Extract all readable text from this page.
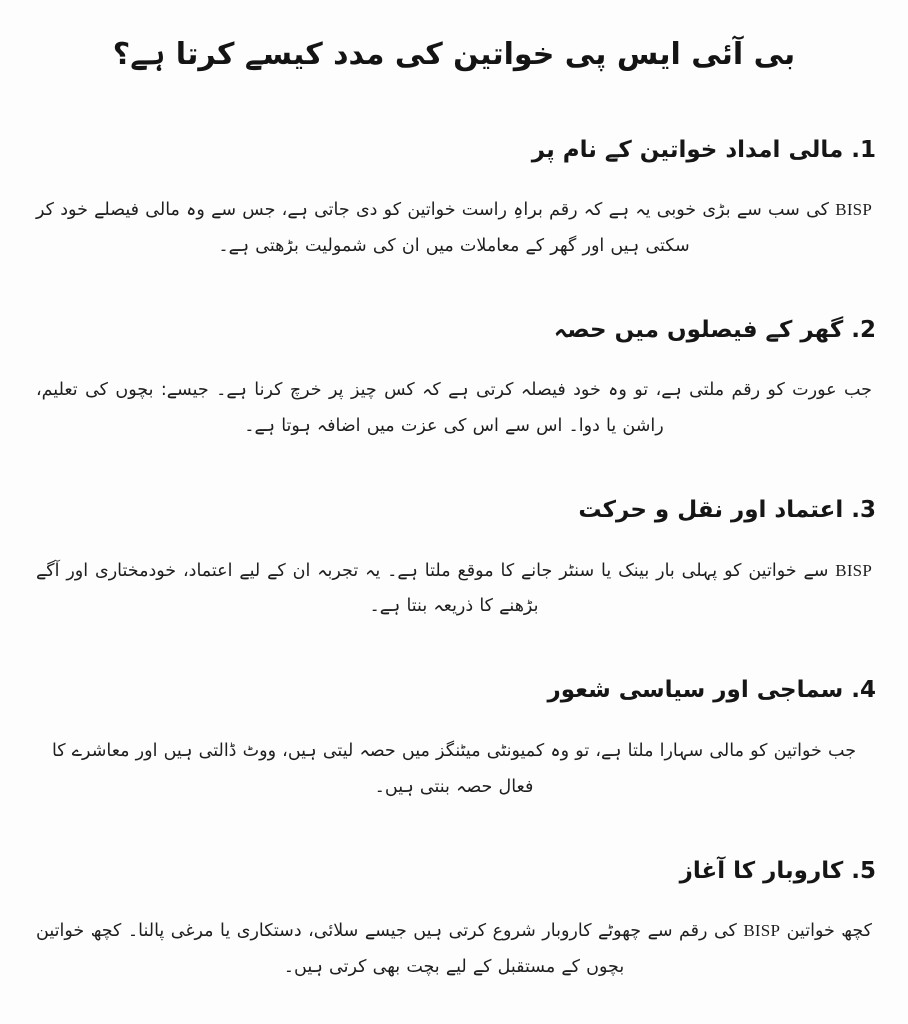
بی آئی ایس پی خواتین کی مدد کیسے کرتا ہے؟
1. مالی امداد خواتین کے نام پر

BISP کی سب سے بڑی خوبی یہ ہے کہ رقم براہِ راست خواتین کو دی جاتی ہے، جس سے وہ مالی فیصلے خود کر سکتی ہیں اور گھر کے معاملات میں ان کی شمولیت بڑھتی ہے۔

2. گھر کے فیصلوں میں حصہ

جب عورت کو رقم ملتی ہے، تو وہ خود فیصلہ کرتی ہے کہ کس چیز پر خرچ کرنا ہے۔ جیسے: بچوں کی تعلیم، راشن یا دوا۔ اس سے اس کی عزت میں اضافہ ہوتا ہے۔

3. اعتماد اور نقل و حرکت

BISP سے خواتین کو پہلی بار بینک یا سنٹر جانے کا موقع ملتا ہے۔ یہ تجربہ ان کے لیے اعتماد، خودمختاری اور آگے بڑھنے کا ذریعہ بنتا ہے۔

4. سماجی اور سیاسی شعور

جب خواتین کو مالی سہارا ملتا ہے، تو وہ کمیونٹی میٹنگز میں حصہ لیتی ہیں، ووٹ ڈالتی ہیں اور معاشرے کا فعال حصہ بنتی ہیں۔

5. کاروبار کا آغاز

کچھ خواتین BISP کی رقم سے چھوٹے کاروبار شروع کرتی ہیں جیسے سلائی، دستکاری یا مرغی پالنا۔ کچھ خواتین بچوں کے مستقبل کے لیے بچت بھی کرتی ہیں۔
